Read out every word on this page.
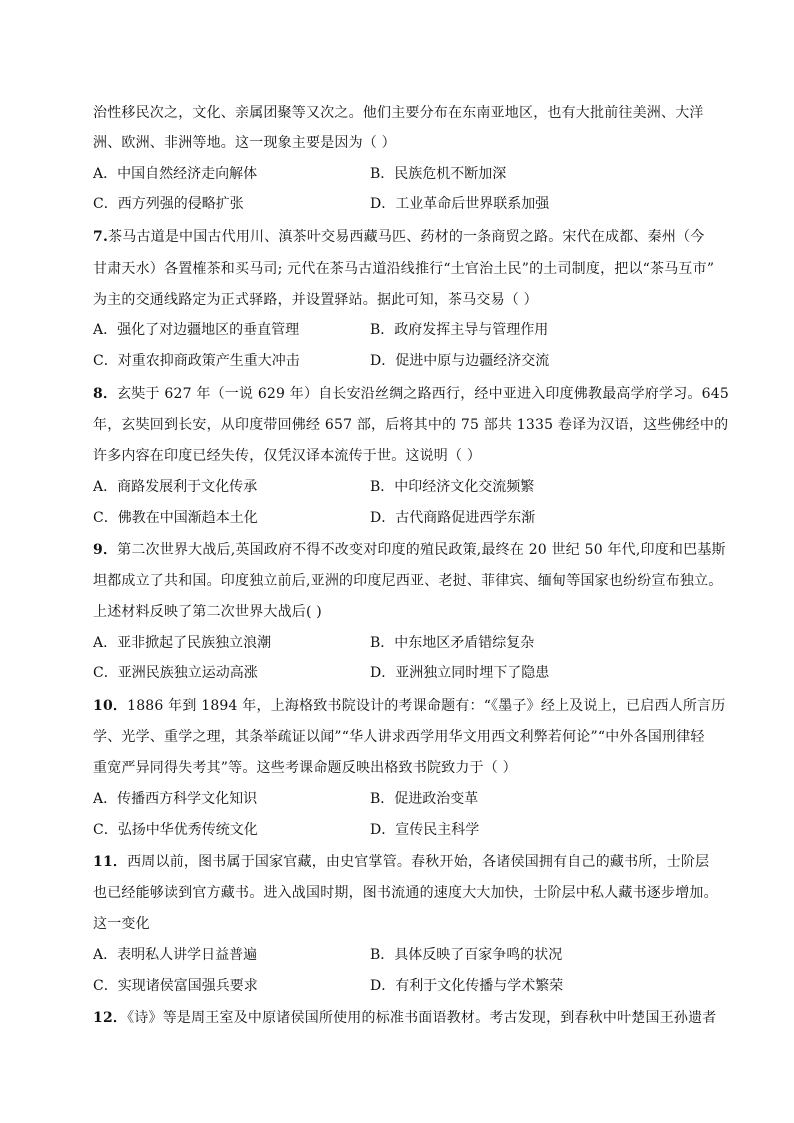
治性移民次之，文化、亲属团聚等又次之。他们主要分布在东南亚地区，也有大批前往美洲、大洋
洲、欧洲、非洲等地。这一现象主要是因为（ ）
A．中国自然经济走向解体	B．民族危机不断加深
C．西方列强的侵略扩张	D．工业革命后世界联系加强
7.茶马古道是中国古代用川、滇茶叶交易西藏马匹、药材的一条商贸之路。宋代在成都、秦州（今
甘肃天水）各置榷茶和买马司; 元代在茶马古道沿线推行“土官治土民”的土司制度，把以“茶马互市”
为主的交通线路定为正式驿路，并设置驿站。据此可知，茶马交易（ ）
A．强化了对边疆地区的垂直管理	B．政府发挥主导与管理作用
C．对重农抑商政策产生重大冲击	D．促进中原与边疆经济交流
8．玄奘于 627 年（一说 629 年）自长安沿丝绸之路西行，经中亚进入印度佛教最高学府学习。645
年，玄奘回到长安，从印度带回佛经 657 部，后将其中的 75 部共 1335 卷译为汉语，这些佛经中的
许多内容在印度已经失传，仅凭汉译本流传于世。这说明（ ）
A．商路发展利于文化传承	B．中印经济文化交流频繁
C．佛教在中国渐趋本土化	D．古代商路促进西学东渐
9．第二次世界大战后,英国政府不得不改变对印度的殖民政策,最终在 20 世纪 50 年代,印度和巴基斯
坦都成立了共和国。印度独立前后,亚洲的印度尼西亚、老挝、菲律宾、缅甸等国家也纷纷宣布独立。
上述材料反映了第二次世界大战后( )
A．亚非掀起了民族独立浪潮	B．中东地区矛盾错综复杂
C．亚洲民族独立运动高涨	D．亚洲独立同时埋下了隐患
10．1886 年到 1894 年，上海格致书院设计的考课命题有：“《墨子》经上及说上，已启西人所言历
学、光学、重学之理，其条举疏证以闻”“华人讲求西学用华文用西文利弊若何论”“中外各国刑律轻
重宽严异同得失考其”等。这些考课命题反映出格致书院致力于（ ）
A．传播西方科学文化知识	B．促进政治变革
C．弘扬中华优秀传统文化	D．宣传民主科学
11．西周以前，图书属于国家官藏，由史官掌管。春秋开始，各诸侯国拥有自己的藏书所，士阶层
也已经能够读到官方藏书。进入战国时期，图书流通的速度大大加快，士阶层中私人藏书逐步增加。
这一变化
A．表明私人讲学日益普遍	B．具体反映了百家争鸣的状况
C．实现诸侯富国强兵要求	D．有利于文化传播与学术繁荣
12．《诗》等是周王室及中原诸侯国所使用的标准书面语教材。考古发现，到春秋中叶楚国王孙遗者
